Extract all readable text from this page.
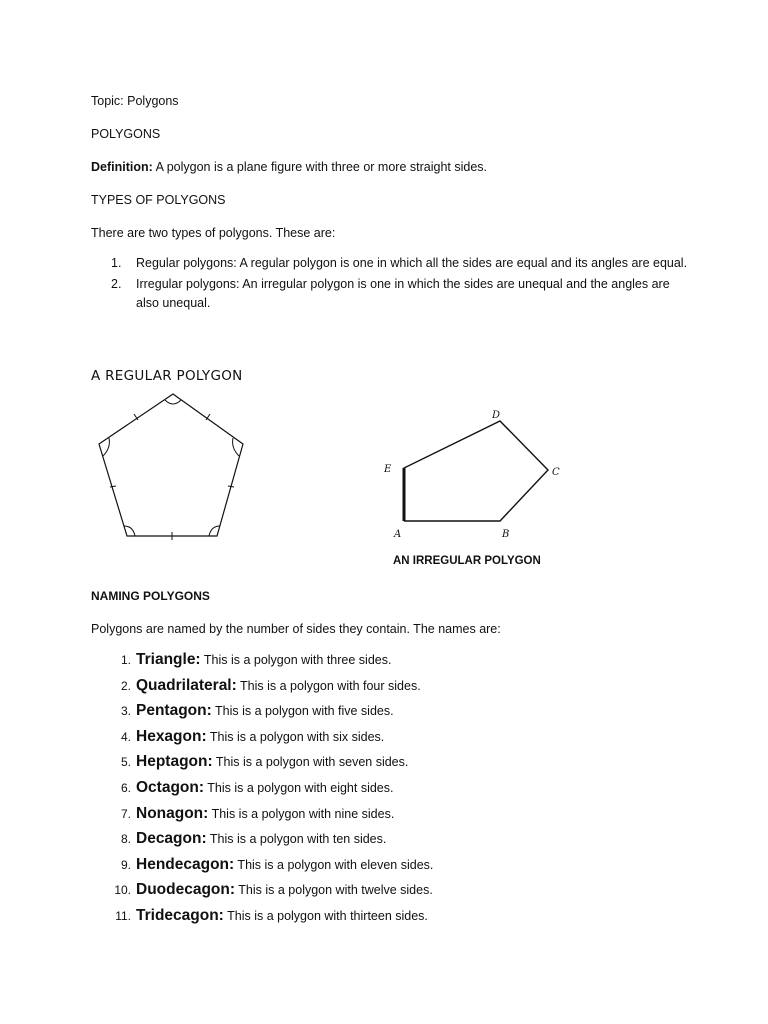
Topic: Polygons

POLYGONS

Definition: A polygon is a plane figure with three or more straight sides.

TYPES OF POLYGONS

There are two types of polygons. These are:

1. Regular polygons: A regular polygon is one in which all the sides are equal and its angles are equal.
2. Irregular polygons: An irregular polygon is one in which the sides are unequal and the angles are also unequal.
A REGULAR POLYGON
A	B
C
D
E
AN IRREGULAR POLYGON

NAMING POLYGONS

Polygons are named by the number of sides they contain. The names are:

1. Triangle: This is a polygon with three sides.
2. Quadrilateral: This is a polygon with four sides.
3. Pentagon: This is a polygon with five sides.
4. Hexagon: This is a polygon with six sides.
5. Heptagon: This is a polygon with seven sides.
6. Octagon: This is a polygon with eight sides.
7. Nonagon: This is a polygon with nine sides.
8. Decagon: This is a polygon with ten sides.
9. Hendecagon: This is a polygon with eleven sides.
10. Duodecagon: This is a polygon with twelve sides.
11. Tridecagon: This is a polygon with thirteen sides.
